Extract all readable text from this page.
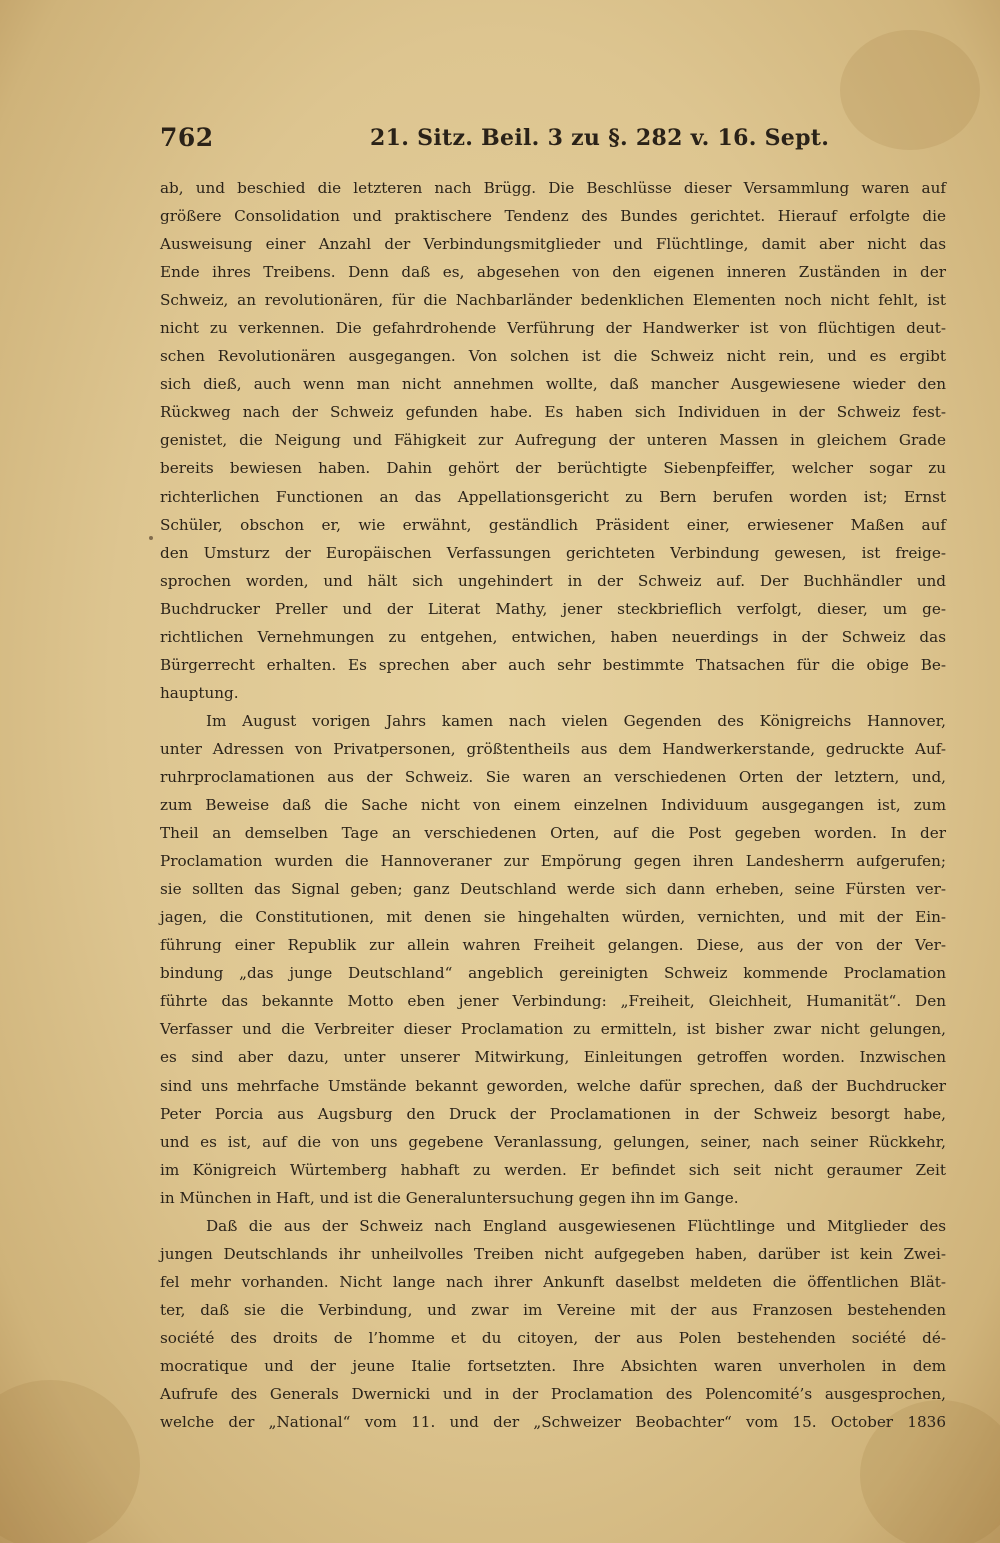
762	21. Sitz. Beil. 3 zu §. 282 v. 16. Sept.
ab, und beschied die letzteren nach Brügg. Die Beschlüsse dieser Versammlung waren auf
größere Consolidation und praktischere Tendenz des Bundes gerichtet. Hierauf erfolgte die
Ausweisung einer Anzahl der Verbindungsmitglieder und Flüchtlinge, damit aber nicht das
Ende ihres Treibens. Denn daß es, abgesehen von den eigenen inneren Zuständen in der
Schweiz, an revolutionären, für die Nachbarländer bedenklichen Elementen noch nicht fehlt, ist
nicht zu verkennen. Die gefahrdrohende Verführung der Handwerker ist von flüchtigen deut-
schen Revolutionären ausgegangen. Von solchen ist die Schweiz nicht rein, und es ergibt
sich dieß, auch wenn man nicht annehmen wollte, daß mancher Ausgewiesene wieder den
Rückweg nach der Schweiz gefunden habe. Es haben sich Individuen in der Schweiz fest-
genistet, die Neigung und Fähigkeit zur Aufregung der unteren Massen in gleichem Grade
bereits bewiesen haben. Dahin gehört der berüchtigte Siebenpfeiffer, welcher sogar zu
richterlichen Functionen an das Appellationsgericht zu Bern berufen worden ist; Ernst
Schüler, obschon er, wie erwähnt, geständlich Präsident einer, erwiesener Maßen auf
den Umsturz der Europäischen Verfassungen gerichteten Verbindung gewesen, ist freige-
sprochen worden, und hält sich ungehindert in der Schweiz auf. Der Buchhändler und
Buchdrucker Preller und der Literat Mathy, jener steckbrieflich verfolgt, dieser, um ge-
richtlichen Vernehmungen zu entgehen, entwichen, haben neuerdings in der Schweiz das
Bürgerrecht erhalten. Es sprechen aber auch sehr bestimmte Thatsachen für die obige Be-
hauptung.
Im August vorigen Jahrs kamen nach vielen Gegenden des Königreichs Hannover,
unter Adressen von Privatpersonen, größtentheils aus dem Handwerkerstande, gedruckte Auf-
ruhrproclamationen aus der Schweiz. Sie waren an verschiedenen Orten der letztern, und,
zum Beweise daß die Sache nicht von einem einzelnen Individuum ausgegangen ist, zum
Theil an demselben Tage an verschiedenen Orten, auf die Post gegeben worden. In der
Proclamation wurden die Hannoveraner zur Empörung gegen ihren Landesherrn aufgerufen;
sie sollten das Signal geben; ganz Deutschland werde sich dann erheben, seine Fürsten ver-
jagen, die Constitutionen, mit denen sie hingehalten würden, vernichten, und mit der Ein-
führung einer Republik zur allein wahren Freiheit gelangen. Diese, aus der von der Ver-
bindung „das junge Deutschland“ angeblich gereinigten Schweiz kommende Proclamation
führte das bekannte Motto eben jener Verbindung: „Freiheit, Gleichheit, Humanität“. Den
Verfasser und die Verbreiter dieser Proclamation zu ermitteln, ist bisher zwar nicht gelungen,
es sind aber dazu, unter unserer Mitwirkung, Einleitungen getroffen worden. Inzwischen
sind uns mehrfache Umstände bekannt geworden, welche dafür sprechen, daß der Buchdrucker
Peter Porcia aus Augsburg den Druck der Proclamationen in der Schweiz besorgt habe,
und es ist, auf die von uns gegebene Veranlassung, gelungen, seiner, nach seiner Rückkehr,
im Königreich Würtemberg habhaft zu werden. Er befindet sich seit nicht geraumer Zeit
in München in Haft, und ist die Generaluntersuchung gegen ihn im Gange.
Daß die aus der Schweiz nach England ausgewiesenen Flüchtlinge und Mitglieder des
jungen Deutschlands ihr unheilvolles Treiben nicht aufgegeben haben, darüber ist kein Zwei-
fel mehr vorhanden. Nicht lange nach ihrer Ankunft daselbst meldeten die öffentlichen Blät-
ter, daß sie die Verbindung, und zwar im Vereine mit der aus Franzosen bestehenden
société des droits de l’homme et du citoyen, der aus Polen bestehenden société dé-
mocratique und der jeune Italie fortsetzten. Ihre Absichten waren unverholen in dem
Aufrufe des Generals Dwernicki und in der Proclamation des Polencomité’s ausgesprochen,
welche der „National“ vom 11. und der „Schweizer Beobachter“ vom 15. October 1836
